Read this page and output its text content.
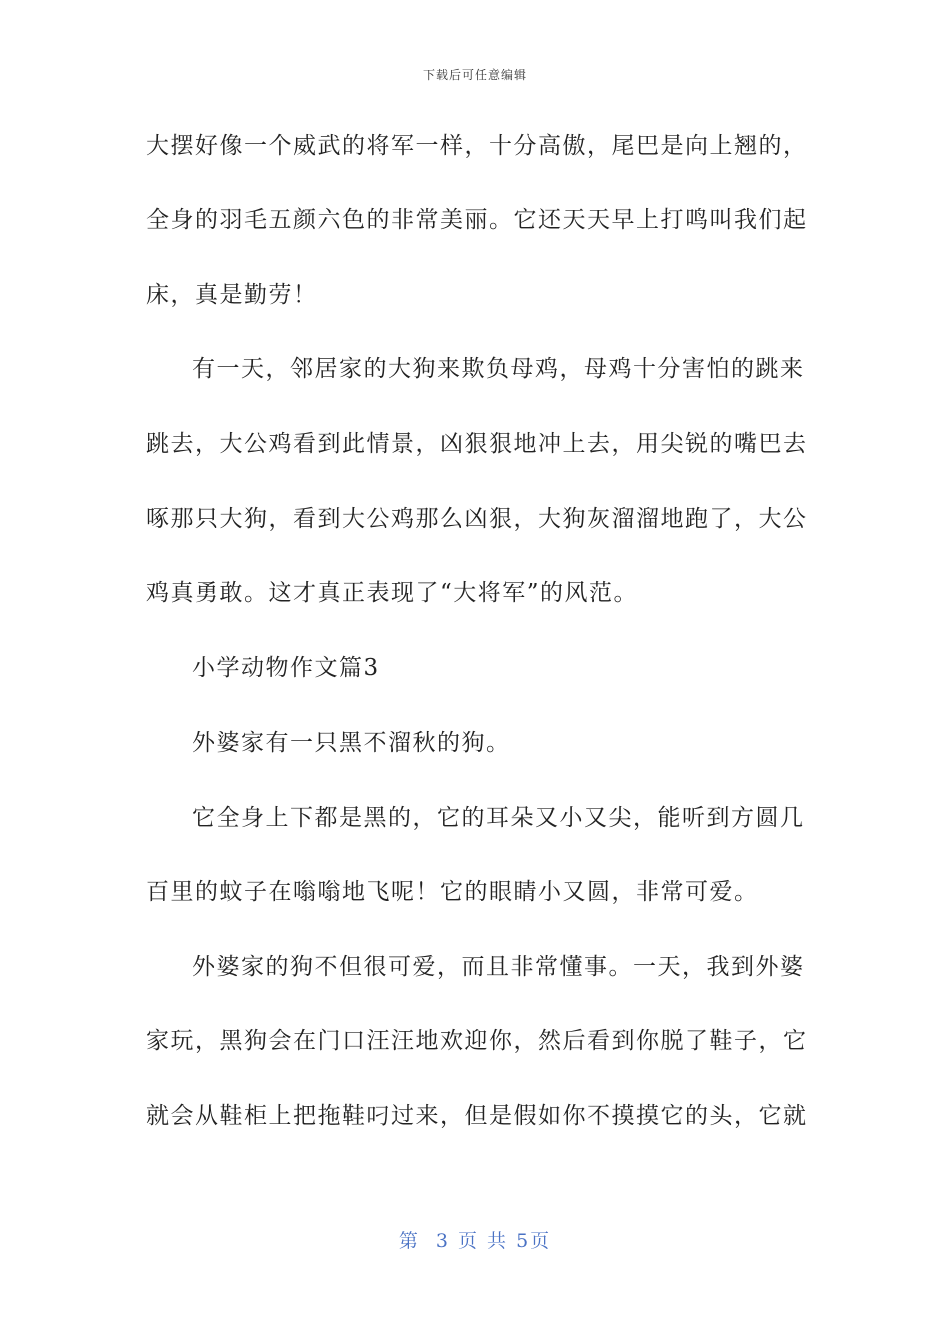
下载后可任意编辑
大摆好像一个威武的将军一样，十分高傲，尾巴是向上翘的，
全身的羽毛五颜六色的非常美丽。它还天天早上打鸣叫我们起
床，真是勤劳！
有一天，邻居家的大狗来欺负母鸡，母鸡十分害怕的跳来
跳去，大公鸡看到此情景，凶狠狠地冲上去，用尖锐的嘴巴去
啄那只大狗，看到大公鸡那么凶狠，大狗灰溜溜地跑了，大公
鸡真勇敢。这才真正表现了“大将军”的风范。
小学动物作文篇3
外婆家有一只黑不溜秋的狗。
它全身上下都是黑的，它的耳朵又小又尖，能听到方圆几
百里的蚊子在嗡嗡地飞呢！它的眼睛小又圆，非常可爱。
外婆家的狗不但很可爱，而且非常懂事。一天，我到外婆
家玩，黑狗会在门口汪汪地欢迎你，然后看到你脱了鞋子，它
就会从鞋柜上把拖鞋叼过来，但是假如你不摸摸它的头，它就
第  3 页 共 5页
